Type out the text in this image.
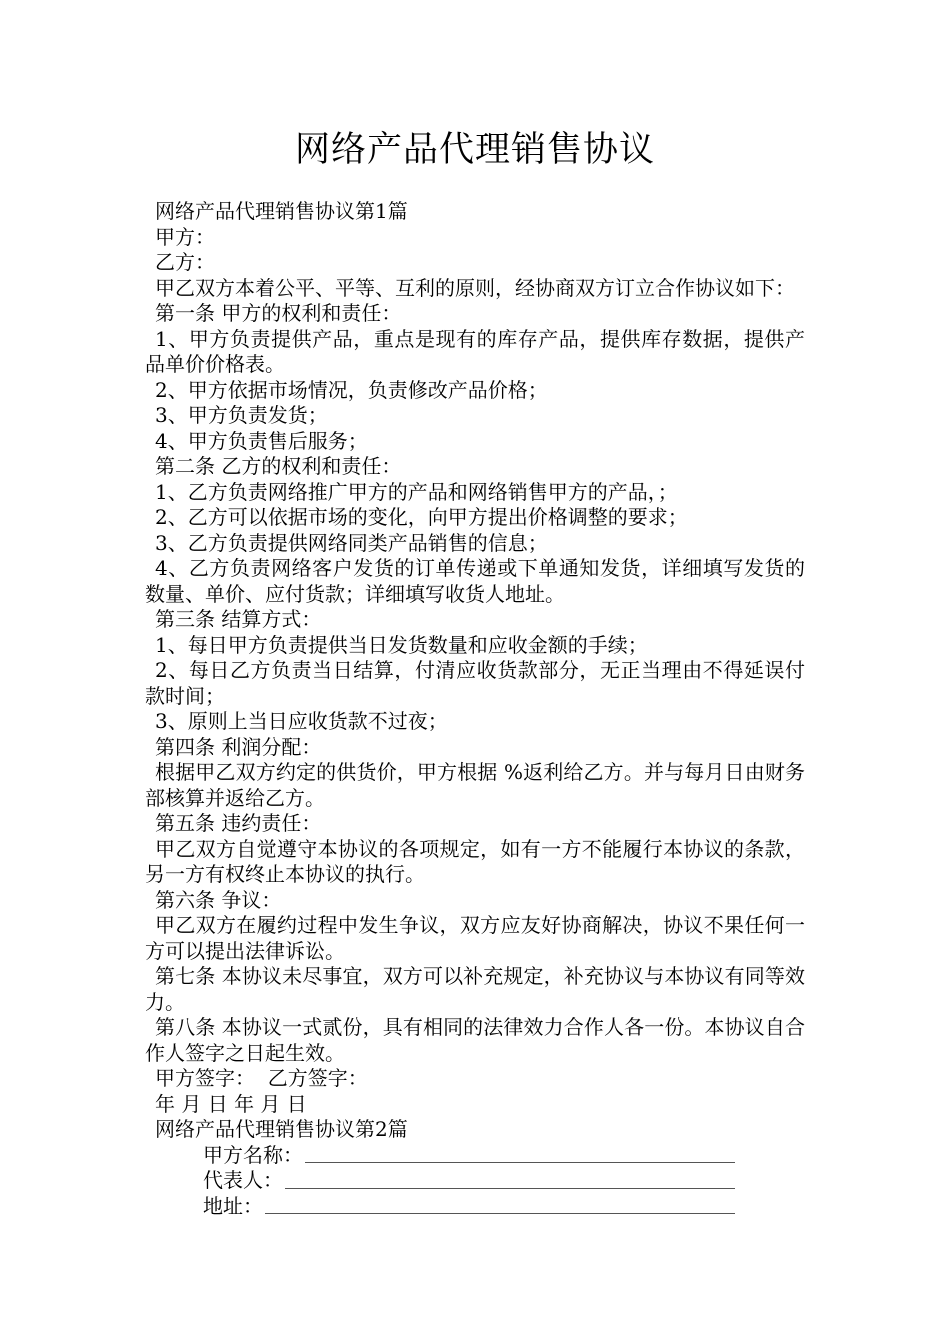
网络产品代理销售协议

网络产品代理销售协议第1篇

甲方：

乙方：

甲乙双方本着公平、平等、互利的原则，经协商双方订立合作协议如下：

第一条 甲方的权利和责任：

1、甲方负责提供产品，重点是现有的库存产品，提供库存数据，提供产品单价价格表。

2、甲方依据市场情况，负责修改产品价格；

3、甲方负责发货；

4、甲方负责售后服务；

第二条 乙方的权利和责任：

1、乙方负责网络推广甲方的产品和网络销售甲方的产品，；

2、乙方可以依据市场的变化，向甲方提出价格调整的要求；

3、乙方负责提供网络同类产品销售的信息；

4、乙方负责网络客户发货的订单传递或下单通知发货，详细填写发货的数量、单价、应付货款；详细填写收货人地址。

第三条 结算方式：

1、每日甲方负责提供当日发货数量和应收金额的手续；

2、每日乙方负责当日结算，付清应收货款部分，无正当理由不得延误付款时间；

3、原则上当日应收货款不过夜；

第四条 利润分配：

根据甲乙双方约定的供货价，甲方根据 %返利给乙方。并与每月日由财务部核算并返给乙方。

第五条 违约责任：

甲乙双方自觉遵守本协议的各项规定，如有一方不能履行本协议的条款，另一方有权终止本协议的执行。

第六条 争议：

甲乙双方在履约过程中发生争议，双方应友好协商解决，协议不果任何一方可以提出法律诉讼。

第七条 本协议未尽事宜，双方可以补充规定，补充协议与本协议有同等效力。

第八条 本协议一式贰份，具有相同的法律效力合作人各一份。本协议自合作人签字之日起生效。

甲方签字：  乙方签字：

年 月 日 年 月 日

网络产品代理销售协议第2篇

甲方名称：
代表人：
地址：
